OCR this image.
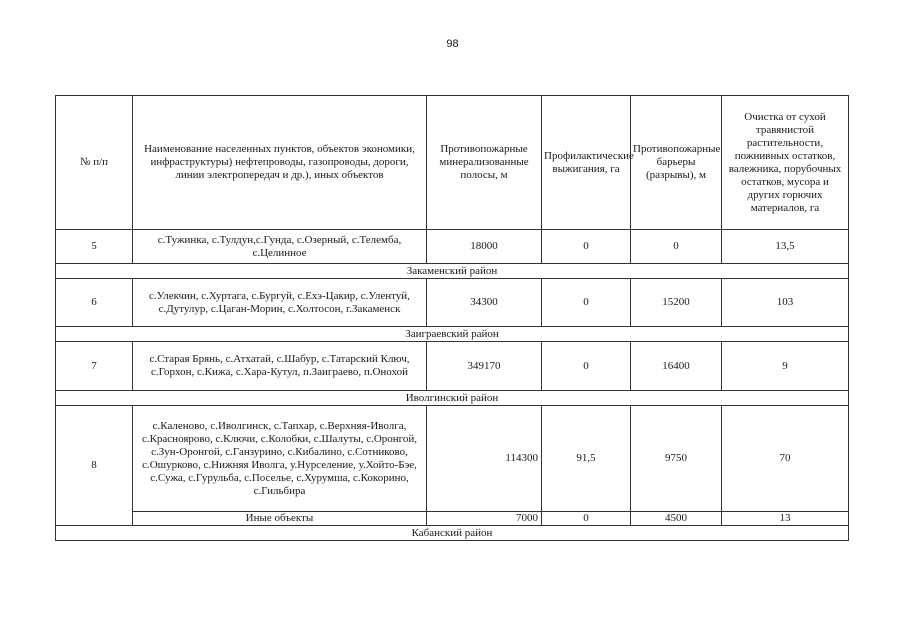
98
№ п/п	Наименование населенных пунктов, объектов экономики, инфраструктуры) нефтепроводы, газопроводы, дороги, линии электропередач и др.), иных объектов	Противопожарные минерализованные полосы, м	Профилактические выжигания, га	Противопожарные барьеры (разрывы), м	Очистка от сухой травянистой растительности, пожнивных остатков, валежника, порубочных остатков, мусора и других горючих материалов, га
5	с.Тужинка, с.Тулдун,с.Гунда, с.Озерный, с.Телемба, с.Целинное	18000	0	0	13,5
Закаменский район					
6	с.Улекчин, с.Хуртага, с.Бургуй, с.Ехэ-Цакир, с.Улентуй, с.Дутулур, с.Цаган-Морин, с.Холтосон, г.Закаменск	34300	0	15200	103
Заиграевский район					
7	с.Старая Брянь, с.Атхатай, с.Шабур, с.Татарский Ключ, с.Горхон, с.Кижа, с.Хара-Кутул, п.Заиграево, п.Онохой	349170	0	16400	9
Иволгинский район					
8	с.Каленово, с.Иволгинск, с.Тапхар, с.Верхняя-Иволга, с.Красноярово, с.Ключи, с.Колобки, с.Шалуты, с.Оронгой, с.Зун-Оронгой, с.Ганзурино, с.Кибалино, с.Сотниково, с.Ошурково, с.Нижняя Иволга, у.Нурселение, у.Хойто-Бэе, с.Сужа, с.Гурульба, с.Поселье, с.Хурумша, с.Кокорино, с.Гильбира	114300	91,5	9750	70
	Иные объекты	7000	0	4500	13
Кабанский район					
